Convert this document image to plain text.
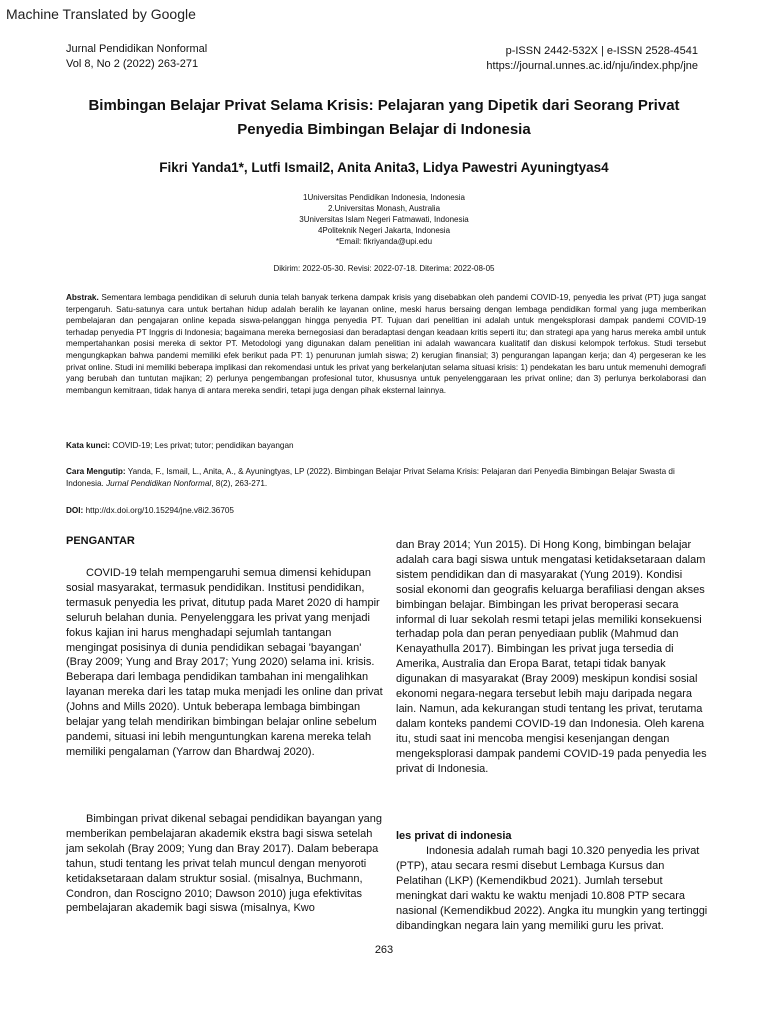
Machine Translated by Google
Jurnal Pendidikan Nonformal
Vol 8, No 2 (2022) 263-271
p-ISSN 2442-532X | e-ISSN 2528-4541
https://journal.unnes.ac.id/nju/index.php/jne
Bimbingan Belajar Privat Selama Krisis: Pelajaran yang Dipetik dari Seorang Privat
Penyedia Bimbingan Belajar di Indonesia
Fikri Yanda1*, Lutfi Ismail2, Anita Anita3, Lidya Pawestri Ayuningtyas4
1Universitas Pendidikan Indonesia, Indonesia
2.Universitas Monash, Australia
3Universitas Islam Negeri Fatmawati, Indonesia
4Politeknik Negeri Jakarta, Indonesia
*Email: fikriyanda@upi.edu
Dikirim: 2022-05-30. Revisi: 2022-07-18. Diterima: 2022-08-05
Abstrak. Sementara lembaga pendidikan di seluruh dunia telah banyak terkena dampak krisis yang disebabkan oleh pandemi COVID-19, penyedia les privat (PT) juga sangat terpengaruh. Satu-satunya cara untuk bertahan hidup adalah beralih ke layanan online, meski harus bersaing dengan lembaga pendidikan formal yang juga memberikan pembelajaran dan pengajaran online kepada siswa-pelanggan hingga penyedia PT. Tujuan dari penelitian ini adalah untuk mengeksplorasi dampak pandemi COVID-19 terhadap penyedia PT Inggris di Indonesia; bagaimana mereka bernegosiasi dan beradaptasi dengan keadaan kritis seperti itu; dan strategi apa yang harus mereka ambil untuk mempertahankan posisi mereka di sektor PT. Metodologi yang digunakan dalam penelitian ini adalah wawancara kualitatif dan diskusi kelompok terfokus. Studi tersebut mengungkapkan bahwa pandemi memiliki efek berikut pada PT: 1) penurunan jumlah siswa; 2) kerugian finansial; 3) pengurangan lapangan kerja; dan 4) pergeseran ke les privat online. Studi ini memiliki beberapa implikasi dan rekomendasi untuk les privat yang berkelanjutan selama situasi krisis: 1) pendekatan les baru untuk memenuhi demografi yang berubah dan tuntutan majikan; 2) perlunya pengembangan profesional tutor, khususnya untuk penyelenggaraan les privat online; dan 3) perlunya berkolaborasi dan membangun kemitraan, tidak hanya di antara mereka sendiri, tetapi juga dengan pihak eksternal lainnya.
Kata kunci: COVID-19; Les privat; tutor; pendidikan bayangan
Cara Mengutip: Yanda, F., Ismail, L., Anita, A., & Ayuningtyas, LP (2022). Bimbingan Belajar Privat Selama Krisis: Pelajaran dari Penyedia Bimbingan Belajar Swasta di Indonesia. Jurnal Pendidikan Nonformal, 8(2), 263-271.
DOI: http://dx.doi.org/10.15294/jne.v8i2.36705
PENGANTAR

COVID-19 telah mempengaruhi semua dimensi kehidupan sosial masyarakat, termasuk pendidikan. Institusi pendidikan, termasuk penyedia les privat, ditutup pada Maret 2020 di hampir seluruh belahan dunia. Penyelenggara les privat yang menjadi fokus kajian ini harus menghadapi sejumlah tantangan mengingat posisinya di dunia pendidikan sebagai 'bayangan' (Bray 2009; Yung and Bray 2017; Yung 2020) selama ini. krisis. Beberapa dari lembaga pendidikan tambahan ini mengalihkan layanan mereka dari les tatap muka menjadi les online dan privat (Johns and Mills 2020). Untuk beberapa lembaga bimbingan belajar yang telah mendirikan bimbingan belajar online sebelum pandemi, situasi ini lebih menguntungkan karena mereka telah memiliki pengalaman (Yarrow dan Bhardwaj 2020).

Bimbingan privat dikenal sebagai pendidikan bayangan yang memberikan pembelajaran akademik ekstra bagi siswa setelah jam sekolah (Bray 2009; Yung dan Bray 2017). Dalam beberapa tahun, studi tentang les privat telah muncul dengan menyoroti ketidaksetaraan dalam struktur sosial. (misalnya, Buchmann, Condron, dan Roscigno 2010; Dawson 2010) juga efektivitas pembelajaran akademik bagi siswa (misalnya, Kwo

dan Bray 2014; Yun 2015). Di Hong Kong, bimbingan belajar adalah cara bagi siswa untuk mengatasi ketidaksetaraan dalam sistem pendidikan dan di masyarakat (Yung 2019). Kondisi sosial ekonomi dan geografis keluarga berafiliasi dengan akses bimbingan belajar. Bimbingan les privat beroperasi secara informal di luar sekolah resmi tetapi jelas memiliki konsekuensi terhadap pola dan peran penyediaan publik (Mahmud dan Kenayathulla 2017). Bimbingan les privat juga tersedia di Amerika, Australia dan Eropa Barat, tetapi tidak banyak digunakan di masyarakat (Bray 2009) meskipun kondisi sosial ekonomi negara-negara tersebut lebih maju daripada negara lain. Namun, ada kekurangan studi tentang les privat, terutama dalam konteks pandemi COVID-19 dan Indonesia. Oleh karena itu, studi saat ini mencoba mengisi kesenjangan dengan mengeksplorasi dampak pandemi COVID-19 pada penyedia les privat di Indonesia.

les privat di indonesia

Indonesia adalah rumah bagi 10.320 penyedia les privat (PTP), atau secara resmi disebut Lembaga Kursus dan Pelatihan (LKP) (Kemendikbud 2021). Jumlah tersebut meningkat dari waktu ke waktu menjadi 10.808 PTP secara nasional (Kemendikbud 2022). Angka itu mungkin yang tertinggi dibandingkan negara lain yang memiliki guru les privat.

263
